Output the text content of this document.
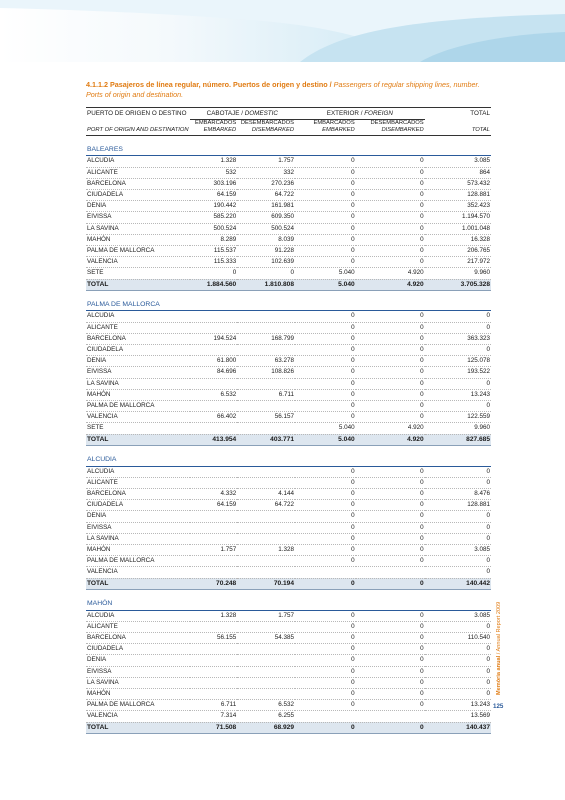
4.1.1.2 Pasajeros de línea regular, número. Puertos de origen y destino / Passengers of regular shipping lines, number. Ports of origin and destination.
PUERTO DE ORIGEN O DESTINO	CABOTAJE / DOMESTIC		EXTERIOR / FOREIGN		TOTAL
	EMBARCADOS	DESEMBARCADOS	EMBARCADOS	DESEMBARCADOS	
PORT OF ORIGIN AND DESTINATION	EMBARKED	DISEMBARKED	EMBARKED	DISEMBARKED	TOTAL

BALEARES					
ALCUDIA	1.328	1.757	0	0	3.085
ALICANTE	532	332	0	0	864
BARCELONA	303.196	270.236	0	0	573.432
CIUDADELA	64.159	64.722	0	0	128.881
DENIA	190.442	161.981	0	0	352.423
EIVISSA	585.220	609.350	0	0	1.194.570
LA SAVINA	500.524	500.524	0	0	1.001.048
MAHÓN	8.289	8.039	0	0	16.328
PALMA DE MALLORCA	115.537	91.228	0	0	206.765
VALENCIA	115.333	102.639	0	0	217.972
SETE	0	0	5.040	4.920	9.960
TOTAL	1.884.560	1.810.808	5.040	4.920	3.705.328

PALMA DE MALLORCA					
ALCUDIA			0	0	0
ALICANTE			0	0	0
BARCELONA	194.524	168.799	0	0	363.323
CIUDADELA			0	0	0
DENIA	61.800	63.278	0	0	125.078
EIVISSA	84.696	108.826	0	0	193.522
LA SAVINA			0	0	0
MAHÓN	6.532	6.711	0	0	13.243
PALMA DE MALLORCA			0	0	0
VALENCIA	66.402	56.157	0	0	122.559
SETE			5.040	4.920	9.960
TOTAL	413.954	403.771	5.040	4.920	827.685

ALCUDIA					
ALCUDIA			0	0	0
ALICANTE			0	0	0
BARCELONA	4.332	4.144	0	0	8.476
CIUDADELA	64.159	64.722	0	0	128.881
DENIA			0	0	0
EIVISSA			0	0	0
LA SAVINA			0	0	0
MAHÓN	1.757	1.328	0	0	3.085
PALMA DE MALLORCA			0	0	0
VALENCIA					0
TOTAL	70.248	70.194	0	0	140.442

MAHÓN					
ALCUDIA	1.328	1.757	0	0	3.085
ALICANTE			0	0	0
BARCELONA	56.155	54.385	0	0	110.540
CIUDADELA			0	0	0
DENIA			0	0	0
EIVISSA			0	0	0
LA SAVINA			0	0	0
MAHÓN			0	0	0
PALMA DE MALLORCA	6.711	6.532	0	0	13.243
VALENCIA	7.314	6.255			13.569
TOTAL	71.508	68.929	0	0	140.437
Memòria anual / Annual Report 2009
125
